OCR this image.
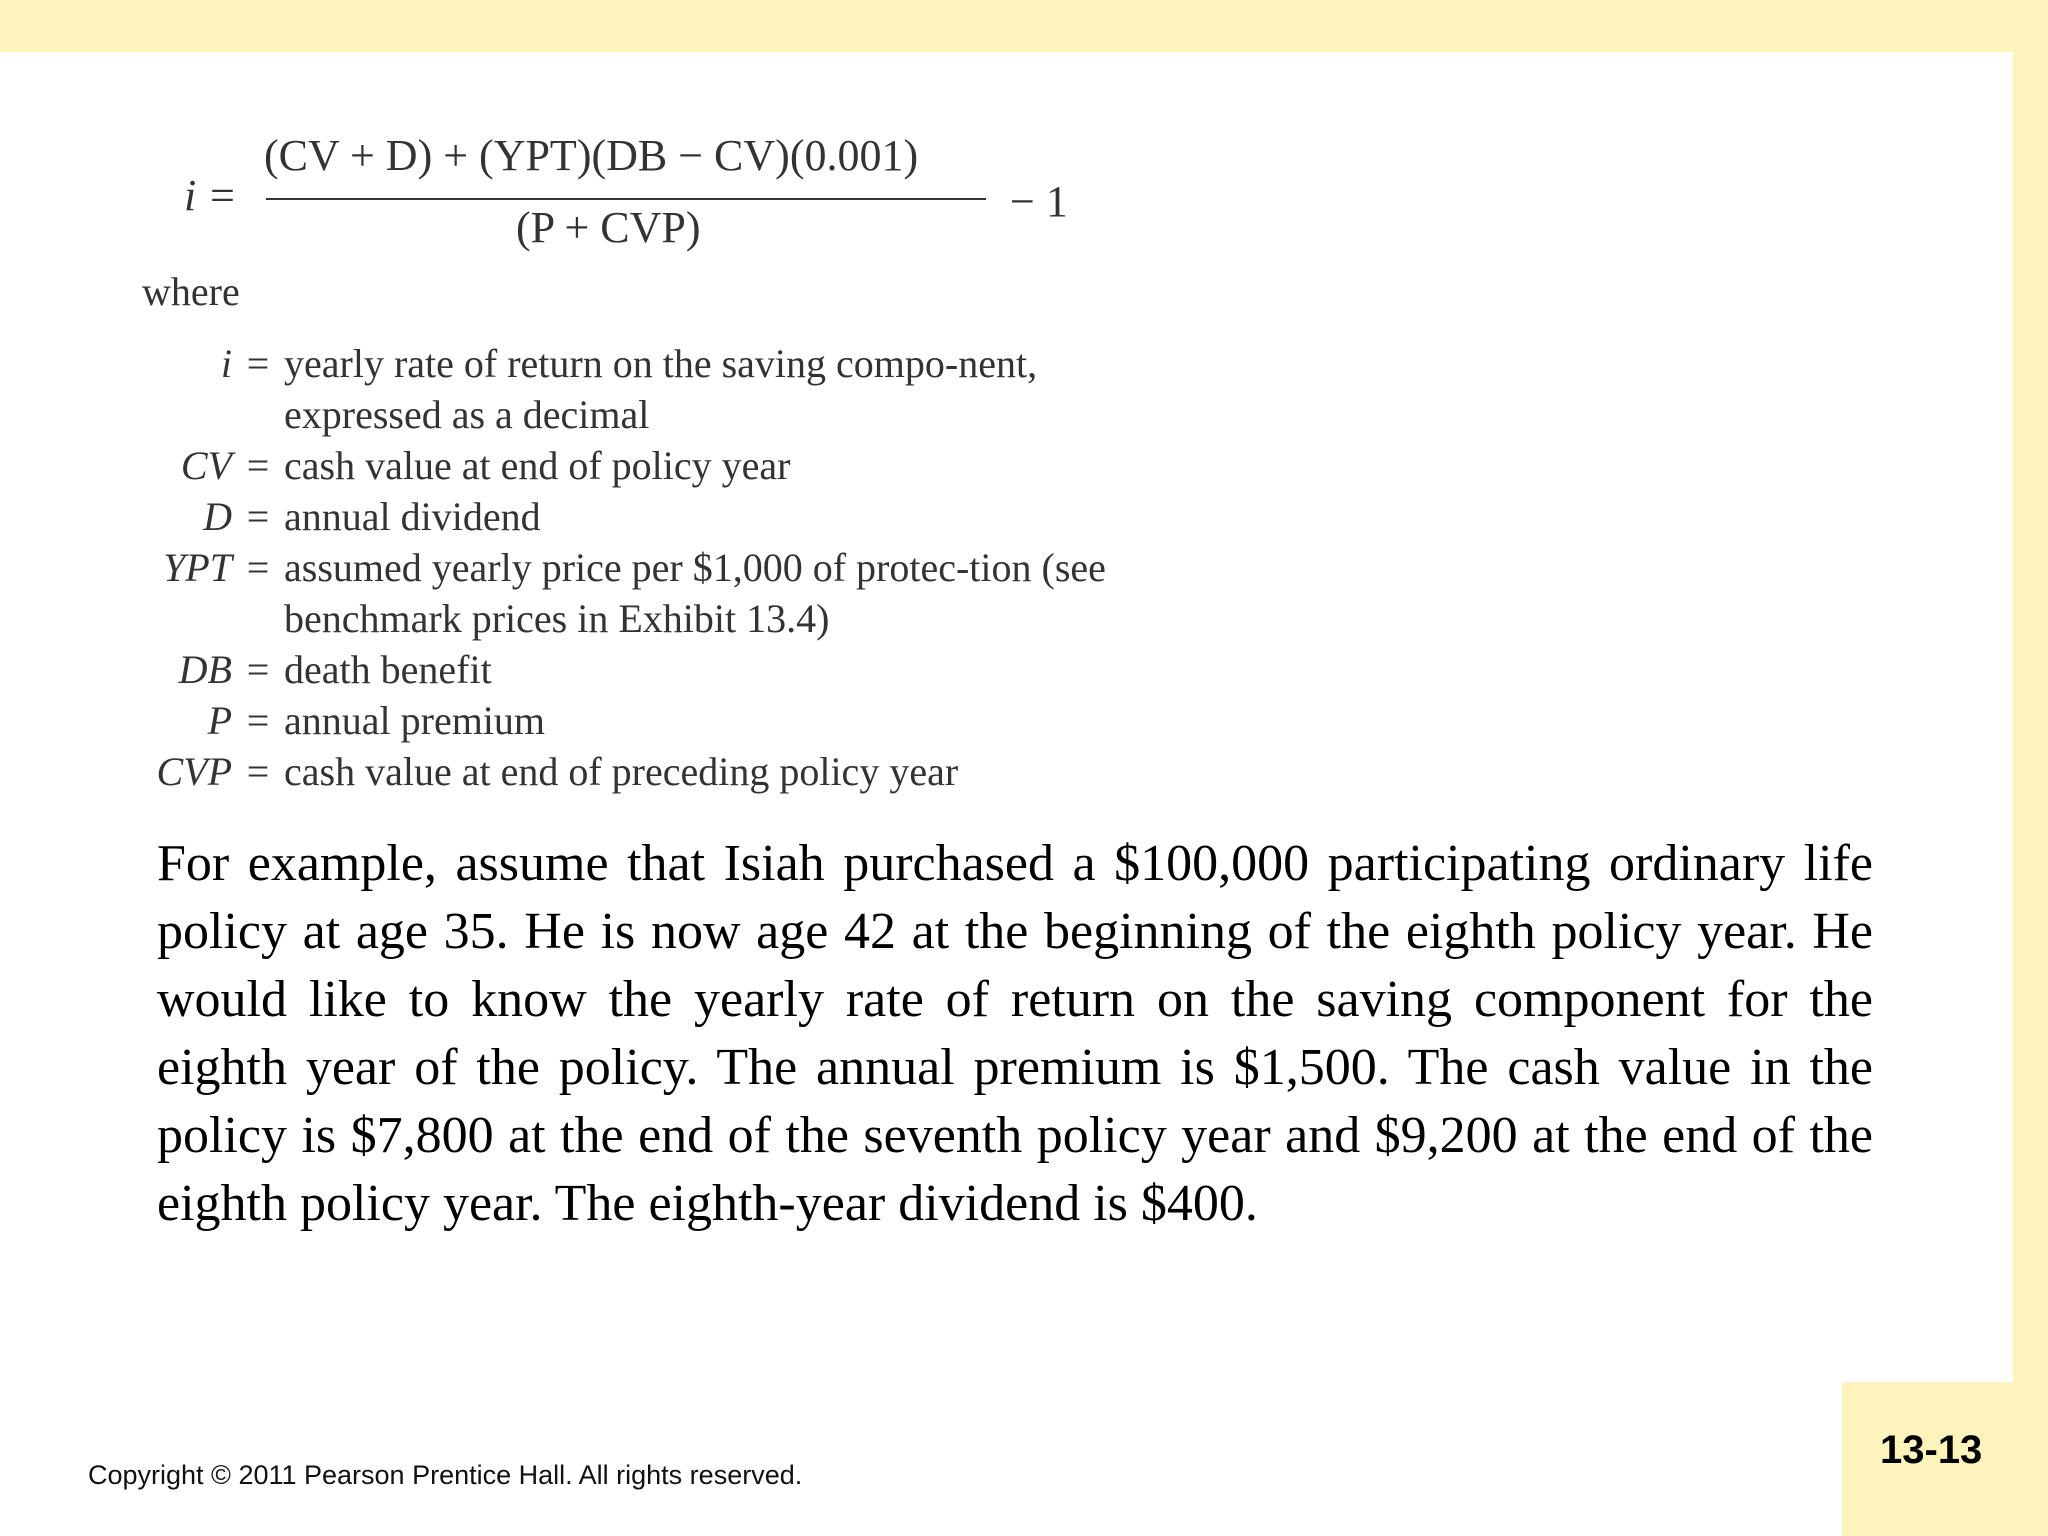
i =
(CV + D) + (YPT)(DB − CV)(0.001)
(P + CVP)
− 1
where
i = yearly rate of return on the saving compo-nent, expressed as a decimal
CV = cash value at end of policy year
D = annual dividend
YPT = assumed yearly price per $1,000 of protec-tion (see benchmark prices in Exhibit 13.4)
DB = death benefit
P = annual premium
CVP = cash value at end of preceding policy year
For example, assume that Isiah purchased a $100,000 participating ordinary life policy at age 35. He is now age 42 at the beginning of the eighth policy year. He would like to know the yearly rate of return on the saving component for the eighth year of the policy. The annual premium is $1,500. The cash value in the policy is $7,800 at the end of the seventh policy year and $9,200 at the end of the eighth policy year. The eighth-year dividend is $400.
Copyright © 2011 Pearson Prentice Hall. All rights reserved.
13-13
